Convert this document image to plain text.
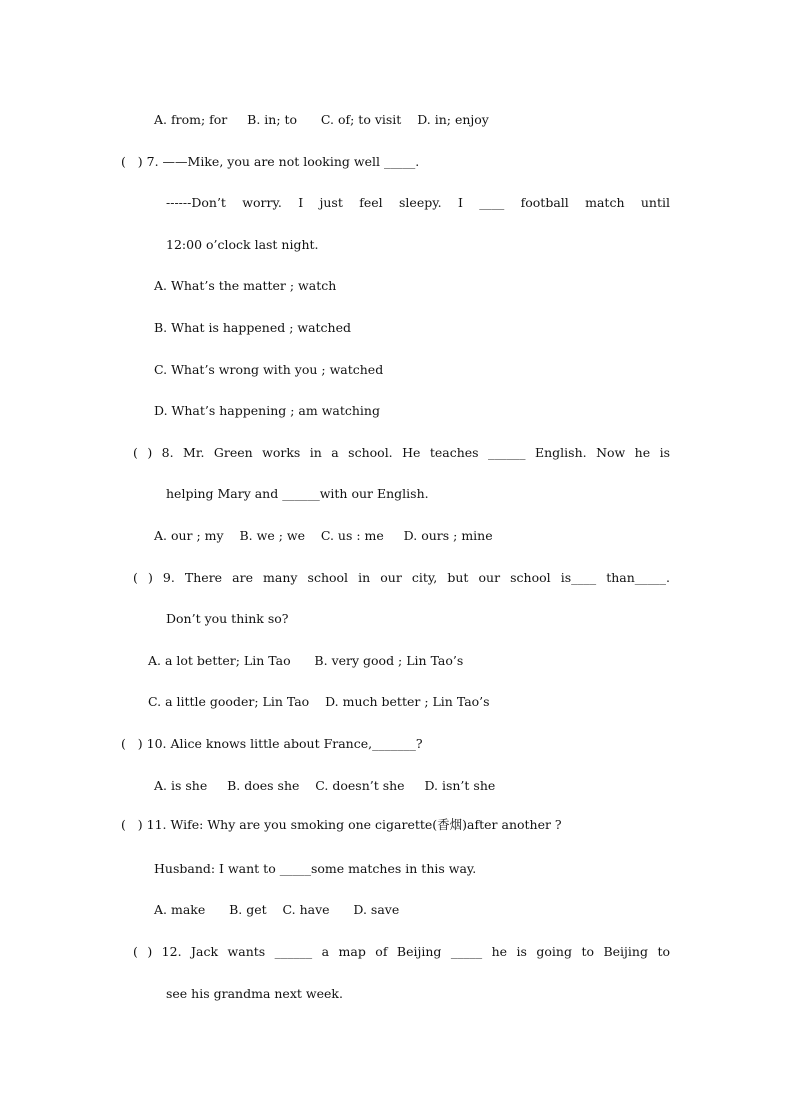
A. from; for     B. in; to      C. of; to visit    D. in; enjoy
(   ) 7. ——Mike, you are not looking well _____.
------Don’t worry. I just feel sleepy. I ____ football match until
12:00 o’clock last night.
A. What’s the matter ; watch
B. What is happened ; watched
C. What’s wrong with you ; watched
D. What’s happening ; am watching
( ) 8. Mr. Green works in a school. He teaches ______ English. Now he is
helping Mary and ______with our English.
A. our ; my    B. we ; we    C. us : me     D. ours ; mine
( ) 9. There are many school in our city, but our school is____ than_____.
Don’t you think so?
A. a lot better; Lin Tao      B. very good ; Lin Tao’s
C. a little gooder; Lin Tao    D. much better ; Lin Tao’s
(   ) 10. Alice knows little about France,_______?
A. is she     B. does she    C. doesn’t she     D. isn’t she
(   ) 11. Wife: Why are you smoking one cigarette(香烟)after another ?
Husband: I want to _____some matches in this way.
A. make      B. get    C. have      D. save
( ) 12. Jack wants ______ a map of Beijing _____ he is going to Beijing to
see his grandma next week.
